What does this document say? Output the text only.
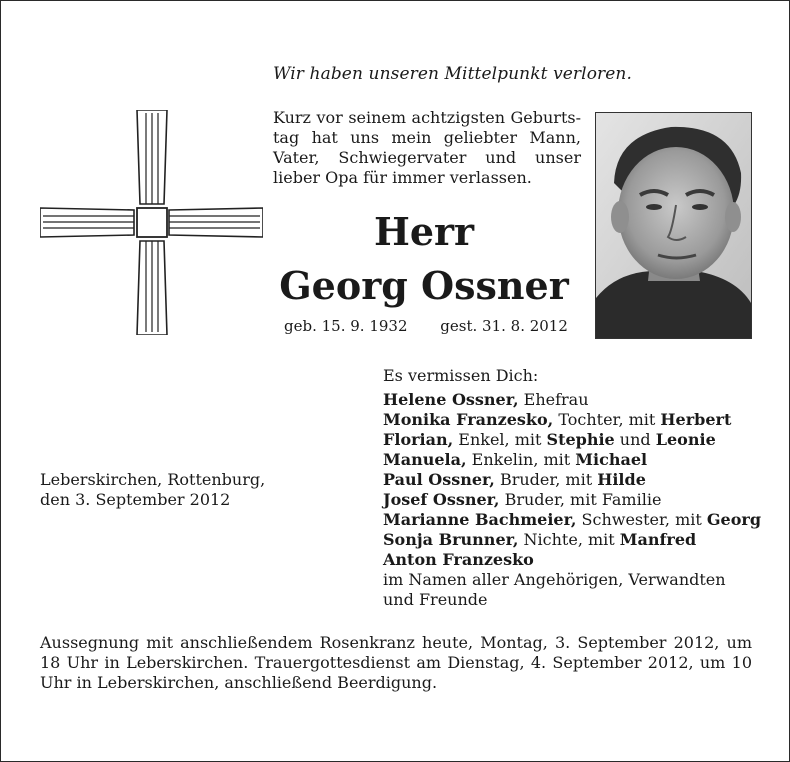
Wir haben unseren Mittelpunkt verloren.
Kurz vor seinem achtzigsten Geburts-
tag hat uns mein geliebter Mann,
Vater, Schwiegervater und unser
lieber Opa für immer verlassen.
Herr
Georg Ossner
geb. 15. 9. 1932 gest. 31. 8. 2012
Es vermissen Dich:
Helene Ossner, Ehefrau
Monika Franzesko, Tochter, mit Herbert
Florian, Enkel, mit Stephie und Leonie
Manuela, Enkelin, mit Michael
Paul Ossner, Bruder, mit Hilde
Josef Ossner, Bruder, mit Familie
Marianne Bachmeier, Schwester, mit Georg
Sonja Brunner, Nichte, mit Manfred
Anton Franzesko
im Namen aller Angehörigen, Verwandten
und Freunde
Leberskirchen, Rottenburg,
den 3. September 2012
Aussegnung mit anschließendem Rosenkranz heute, Montag, 3. September 2012, um 18 Uhr in Leberskirchen. Trauergottesdienst am Dienstag, 4. September 2012, um 10 Uhr in Leberskirchen, anschließend Beerdigung.
